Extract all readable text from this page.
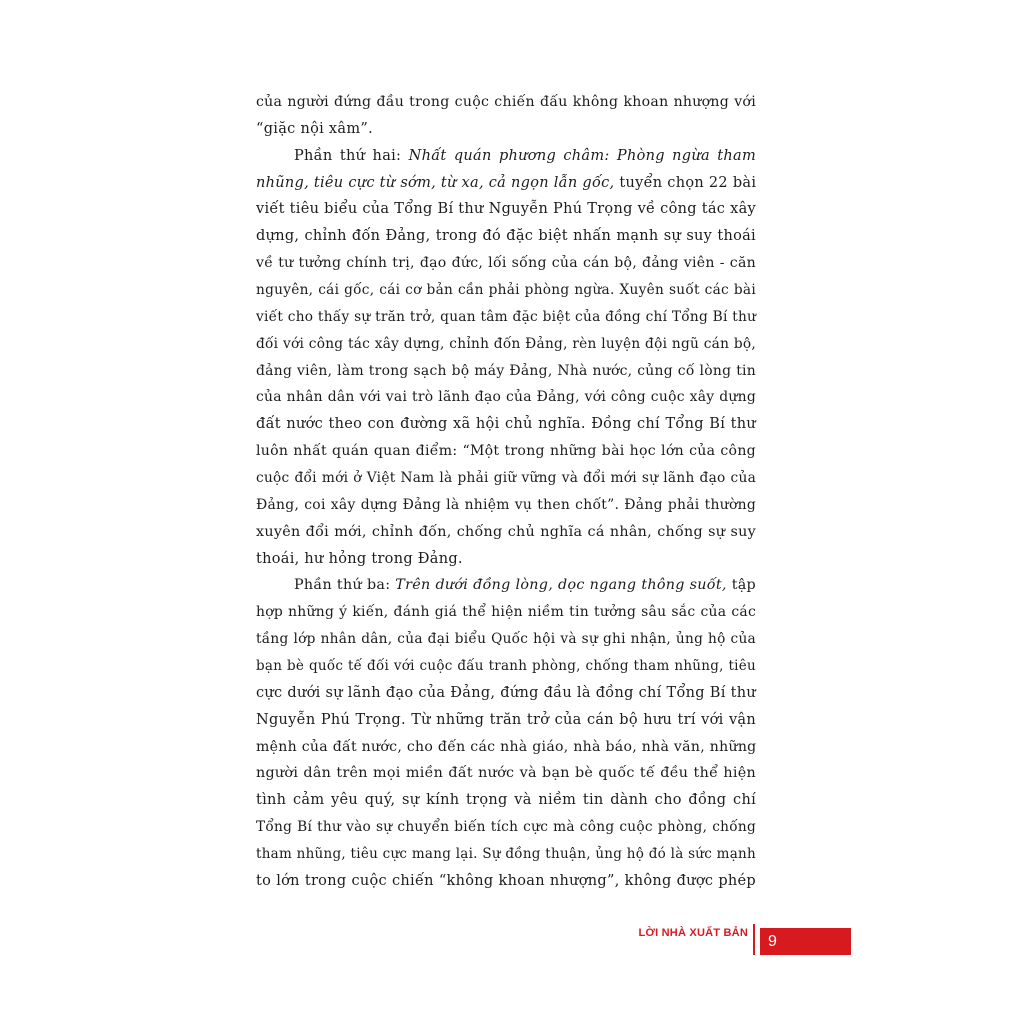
của người đứng đầu trong cuộc chiến đấu không khoan nhượng với
“giặc nội xâm”.
Phần thứ hai: Nhất quán phương châm: Phòng ngừa tham
nhũng, tiêu cực từ sớm, từ xa, cả ngọn lẫn gốc, tuyển chọn 22 bài
viết tiêu biểu của Tổng Bí thư Nguyễn Phú Trọng về công tác xây
dựng, chỉnh đốn Đảng, trong đó đặc biệt nhấn mạnh sự suy thoái
về tư tưởng chính trị, đạo đức, lối sống của cán bộ, đảng viên - căn
nguyên, cái gốc, cái cơ bản cần phải phòng ngừa. Xuyên suốt các bài
viết cho thấy sự trăn trở, quan tâm đặc biệt của đồng chí Tổng Bí thư
đối với công tác xây dựng, chỉnh đốn Đảng, rèn luyện đội ngũ cán bộ,
đảng viên, làm trong sạch bộ máy Đảng, Nhà nước, củng cố lòng tin
của nhân dân với vai trò lãnh đạo của Đảng, với công cuộc xây dựng
đất nước theo con đường xã hội chủ nghĩa. Đồng chí Tổng Bí thư
luôn nhất quán quan điểm: “Một trong những bài học lớn của công
cuộc đổi mới ở Việt Nam là phải giữ vững và đổi mới sự lãnh đạo của
Đảng, coi xây dựng Đảng là nhiệm vụ then chốt”. Đảng phải thường
xuyên đổi mới, chỉnh đốn, chống chủ nghĩa cá nhân, chống sự suy
thoái, hư hỏng trong Đảng.
Phần thứ ba: Trên dưới đồng lòng, dọc ngang thông suốt, tập
hợp những ý kiến, đánh giá thể hiện niềm tin tưởng sâu sắc của các
tầng lớp nhân dân, của đại biểu Quốc hội và sự ghi nhận, ủng hộ của
bạn bè quốc tế đối với cuộc đấu tranh phòng, chống tham nhũng, tiêu
cực dưới sự lãnh đạo của Đảng, đứng đầu là đồng chí Tổng Bí thư
Nguyễn Phú Trọng. Từ những trăn trở của cán bộ hưu trí với vận
mệnh của đất nước, cho đến các nhà giáo, nhà báo, nhà văn, những
người dân trên mọi miền đất nước và bạn bè quốc tế đều thể hiện
tình cảm yêu quý, sự kính trọng và niềm tin dành cho đồng chí
Tổng Bí thư vào sự chuyển biến tích cực mà công cuộc phòng, chống
tham nhũng, tiêu cực mang lại. Sự đồng thuận, ủng hộ đó là sức mạnh
to lớn trong cuộc chiến “không khoan nhượng”, không được phép
LỜI NHÀ XUẤT BẢN 9
